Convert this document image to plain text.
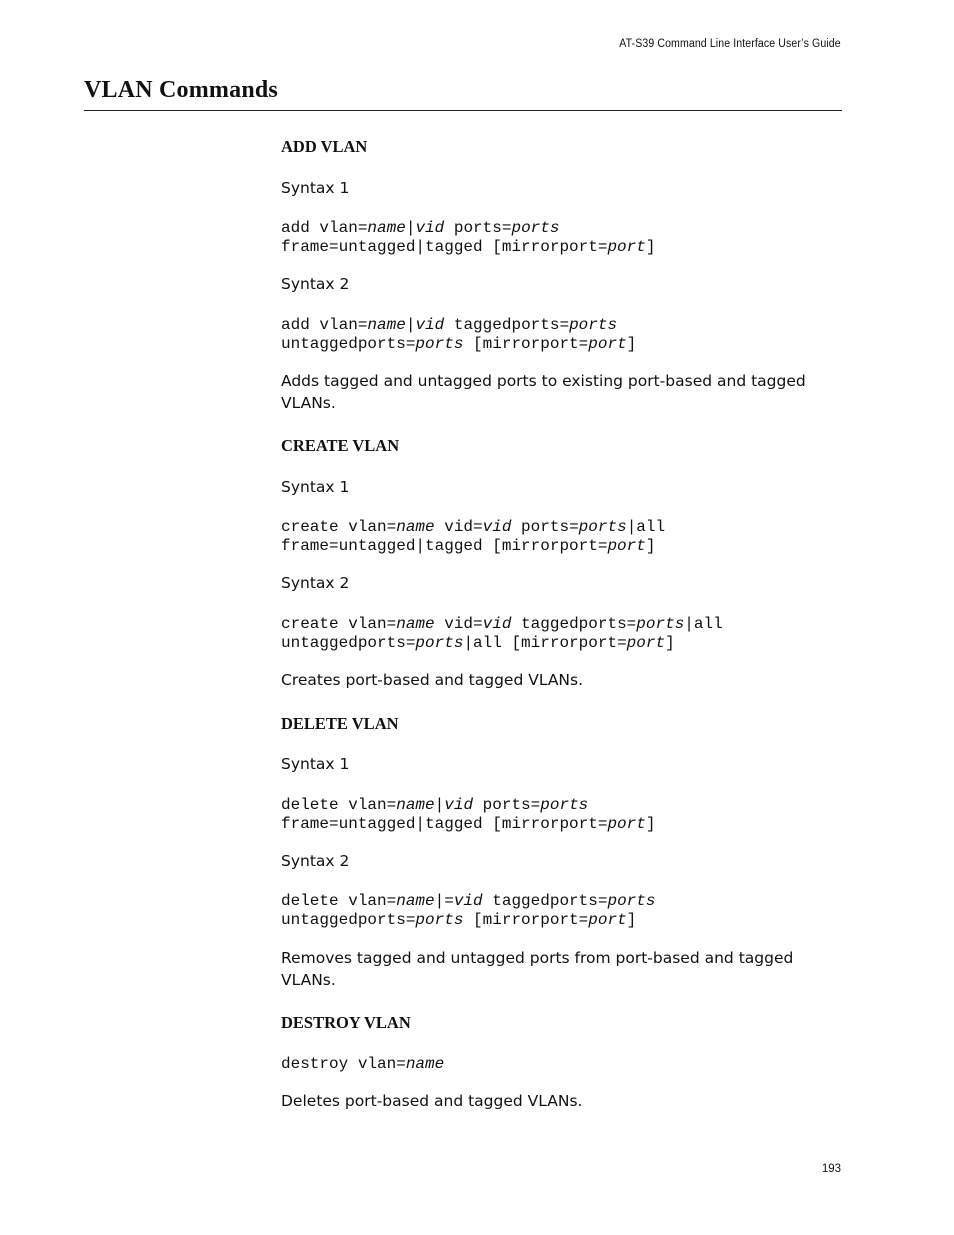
AT-S39 Command Line Interface User’s Guide
VLAN Commands
ADD VLAN
Syntax 1
add vlan=name|vid ports=ports
frame=untagged|tagged [mirrorport=port]
Syntax 2
add vlan=name|vid taggedports=ports
untaggedports=ports [mirrorport=port]
Adds tagged and untagged ports to existing port-based and tagged VLANs.
CREATE VLAN
Syntax 1
create vlan=name vid=vid ports=ports|all
frame=untagged|tagged [mirrorport=port]
Syntax 2
create vlan=name vid=vid taggedports=ports|all
untaggedports=ports|all [mirrorport=port]
Creates port-based and tagged VLANs.
DELETE VLAN
Syntax 1
delete vlan=name|vid ports=ports
frame=untagged|tagged [mirrorport=port]
Syntax 2
delete vlan=name|=vid taggedports=ports
untaggedports=ports [mirrorport=port]
Removes tagged and untagged ports from port-based and tagged VLANs.
DESTROY VLAN
destroy vlan=name
Deletes port-based and tagged VLANs.
193
